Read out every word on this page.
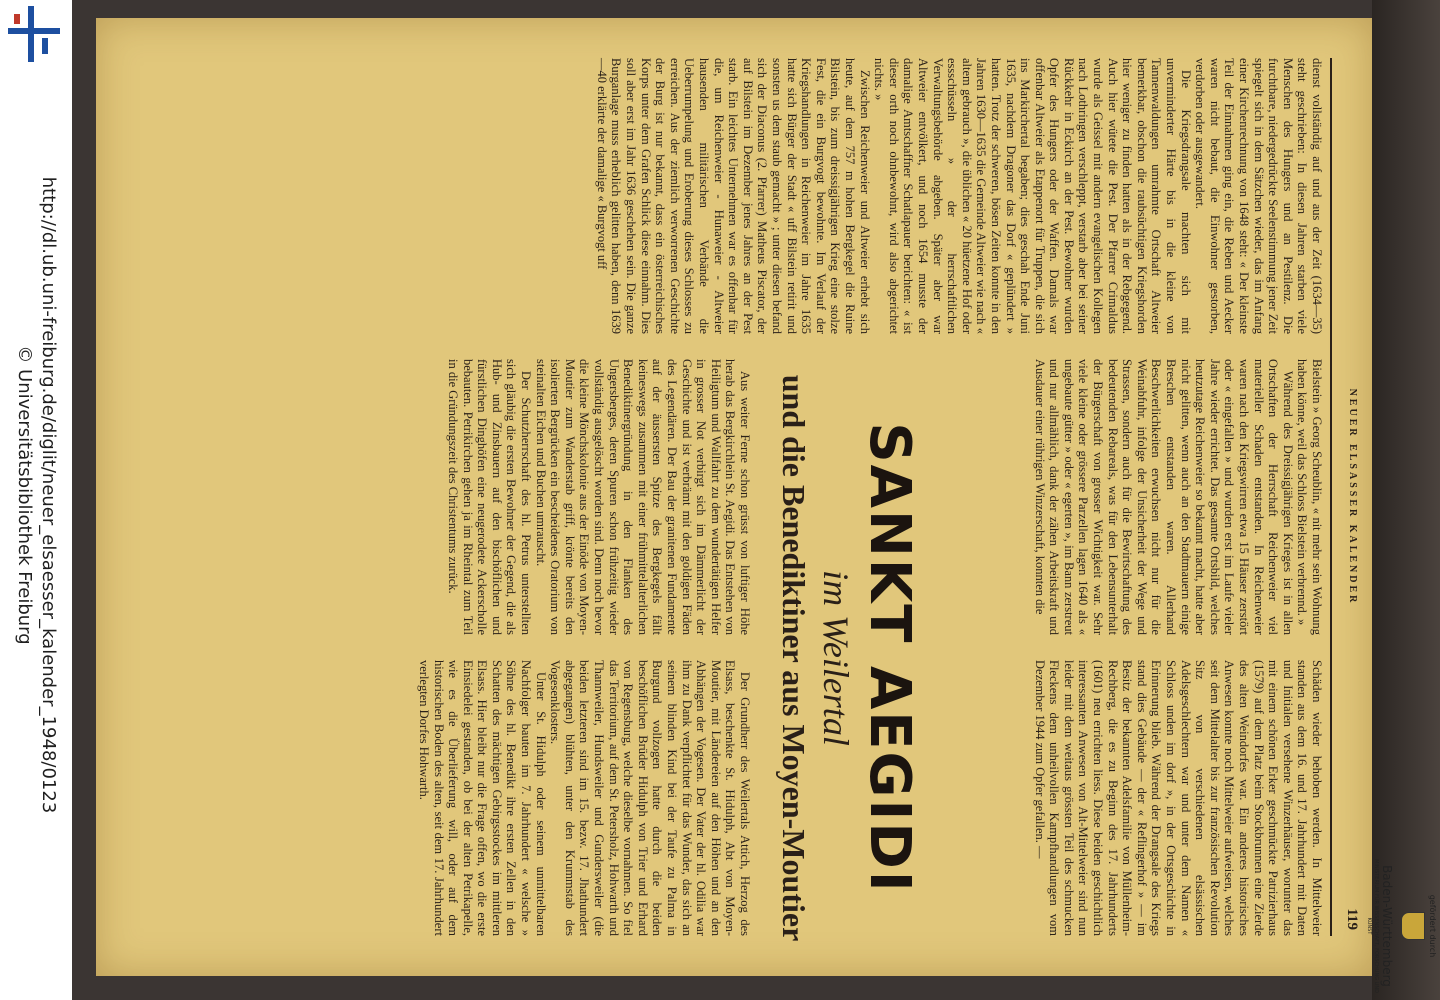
http://dl.ub.uni-freiburg.de/diglit/neuer_elsaesser_kalender_1948/0123
© Universitätsbibliothek Freiburg	NEUER ELSASSER KALENDER
119

dienst vollständig auf und aus der Zeit (1634—35) steht geschrieben: In diesen Jahren starben viele Menschen des Hungers und an Pestilenz. Die furchtbare, niedergedrückte Seelenstimmung jener Zeit spiegelt sich in dem Sätzchen wieder, das im Anfang einer Kirchenrechnung von 1648 steht: « Der kleinste Teil der Einnahmen ging ein, die Reben und Aecker waren nicht bebaut, die Einwohner gestorben, verdorben oder ausgewandert.

Die Kriegsdrangsale machten sich mit unverminderter Härte bis in die kleine von Tannenwaldungen umrahmte Ortschaft Altweier bemerkbar, obschon die raubsüchtigen Kriegshorden hier weniger zu finden hatten als in der Rebgegend. Auch hier wütete die Pest. Der Pfarrer Crimaldus wurde als Geissel mit andern evangelischen Kollegen nach Lothringen verschleppt, verstarb aber bei seiner Rückkehr in Eckirch an der Pest. Bewohner wurden Opfer des Hungers oder der Waffen. Damals war offenbar Altweier als Etappenort für Truppen, die sich ins Markirchertal begaben; dies geschah Ende Juni 1635, nachdem Dragoner das Dorf « geplündert » hatten. Trotz der schweren, bösen Zeiten konnte in den Jahren 1630—1635 die Gemeinde Altweier wie nach « altem gebrauch », die üblichen « 20 hüetzene Hof oder essschüsseln » der herrschaftlichen Verwaltungsbehörde abgeben. Später aber war Altweier entvölkert, und noch 1654 musste der damalige Amtschaffner Schatlapauer berichten: « ist dieser orth noch ohnbewohnt, wird also abgerichtet nichts. »

Zwischen Reichenweier und Altweier erhebt sich heute, auf dem 757 m hohen Bergkegel die Ruine Bilstein, bis zum dreissigjährigen Krieg eine stolze Fest, die ein Burgvogt bewohnte. Im Verlauf der Kriegshandlungen in Reichenweier im Jahre 1635 hatte sich Bürger der Stadt « uff Bilstein retirit und sonsten us dem staub gemacht » ; unter diesen befand sich der Diaconus (2. Pfarrer) Matheus Piscator, der auf Bilstein im Dezember jenes Jahres an der Pest starb. Ein leichtes Unternehmen war es offenbar für die, um Reichenweier - Hunaweier - Altweier hausenden militärischen Verbände die Ueberrumpelung und Eroberung dieses Schlosses zu erreichen. Aus der ziemlich verworrenen Geschichte der Burg ist nur bekannt, dass ein österreichisches Korps unter dem Grafen Schlick diese einnahm. Dies soll aber erst im Jahr 1636 geschehen sein. Die ganze Burganlage muss erheblich gelitten haben, denn 1639—40 erklärte der damalige « Burgvogt uff

Bielstein » Georg Scheublin, « nit mehr sein Wohnung haben könne, weil das Schloss Bielstein verbrennd. »

Während des Dreissigjährigen Krieges ist in allen Ortschaften der Herrschaft Reichenweier viel materieller Schaden entstanden. In Reichenweier waren nach den Kriegswirren etwa 15 Häuser zerstört oder « eingefallen » und wurden erst im Laufe vieler Jahre wieder errichtet. Das gesamte Ortsbild, welches heutzutage Reichenweier so bekannt macht, hatte aber nicht gelitten, wenn auch an den Stadtmauern einige Breschen entstanden waren. Allerhand Beschwerlichkeiten erwuchsen nicht nur für die Weinabfuhr, infolge der Unsicherheit der Wege und Strassen, sondern auch für die Bewirtschaftung des bedeutenden Rebareals, was für den Lebensunterhalt der Bürgerschaft von grosser Wichtigkeit war. Sehr viele kleine oder grössere Parzellen lagen 1640 als « ungebaute gütter » oder « egerten », im Bann zerstreut und nur allmählich, dank der zähen Arbeitskraft und Ausdauer einer rührigen Winzerschaft, konnten die

Schäden wieder behoben werden. In Mittelweier standen aus dem 16. und 17. Jahrhundert mit Daten und Initialen versehene Winzerhäuser, worunter das mit einem schönen Erker geschmückte Patrizierhaus (1579) auf dem Platz beim Stockbrunnen eine Zierde des alten Weindorfes war. Ein anderes historisches Anwesen konnte noch Mittelweier aufweisen, welches seit dem Mittelalter bis zur französischen Revolution Sitz von verschiedenen elsässischen Adelsgeschlechtern war und unter dem Namen « Schloss unden im dorf », in der Ortsgeschichte in Erinnerung blieb. Während der Drangsale des Kriegs stand dies Gebäude — der « Reflingerhof » — im Besitz der bekannten Adelsfamilie von Müllenheim-Rechberg, die es zu Beginn des 17. Jahrhunderts (1601) neu errichten liess. Diese beiden geschichtlich interessanten Anwesen von Alt-Mittelweier sind nun leider mit dem weitaus grössten Teil des schmucken Fleckens dem unheilvollen Kampfhandlungen vom Dezember 1944 zum Opfer gefallen. —

SANKT AEGIDI
im Weilertal
und die Benediktiner aus Moyen-Moutier

Aus weiter Ferne schon grüsst von luftiger Höhe herab das Bergkirchlein St. Aegidi. Das Entstehen von Heiligtum und Wallfahrt zu dem wundertätigen Helfer in grosser Not verbirgt sich im Dämmerlicht der Geschichte und ist verbrämt mit den goldigen Fäden des Legendären. Der Bau der granitenen Fundamente auf der äussersten Spitze des Bergkegels fällt keineswegs zusammen mit einer frühmittelalterlichen Benediktinergründung in den Flanken des Ungersberges, deren Spuren schon frühzeitig wieder vollständig ausgelöscht worden sind. Denn noch bevor die kleine Mönchskolonie aus der Einöde von Moyen-Moutier zum Wanderstab griff, krönte bereits den isolierten Bergrücken ein bescheidenes Oratorium von steinalten Eichen und Buchen umrauscht.

Der Schutzherrschaft des hl. Petrus unterstellten sich gläubig die ersten Bewohner der Gegend, die als Hub- und Zinsbauern auf den bischöflichen und fürstlichen Dinghöfen eine neugerodete Ackerscholle bebauten. Petrikirchen gehen ja im Rheintal zum Teil in die Gründungszeit des Christentums zurück.

Der Grundherr des Weilertals Attich, Herzog des Elsass, beschenkte St. Hidulph, Abt von Moyen-Moutier, mit Ländereien auf den Höhen und an den Abhängen der Vogesen. Der Vater der hl. Odilia war ihm zu Dank verpflichtet für das Wunder, das sich an seinem blinden Kind bei der Taufe zu Palma in Burgund vollzogen hatte durch die beiden beschöflichen Brüder Hidulph von Trier und Erhard von Regensburg, welche dieselbe vornahmen. So fiel das Territorium, auf dem St. Petersholz, Hohwarth und Thannweiler, Hundsweiler und Gundersweiler (die beiden letzteren sind im 15. bezw. 17. Jhathundert abgegangen) blühten, unter den Krummstab des Vogesenklosters.

Unter St. Hidulph oder seinem unmittelbaren Nachfolger bauten im 7. Jahrhundert « welsche » Söhne des hl. Benedikt ihre ersten Zellen in den Schatten des mächtigen Gebirgsstockes im mittleren Elsass. Hier bleibt nur die Frage offen, wo die erste Einsiedelei gestanden, ob bei der alten Petrikapelle, wie es die Überlieferung will, oder auf dem historischen Boden des alten, seit dem 17. Jahrhundert verlegten Dorfes Hohwarth.

gefördert durch
Baden-Württemberg
MINISTERIUM FÜR WISSENSCHAFT, FORSCHUNG UND KUNST
